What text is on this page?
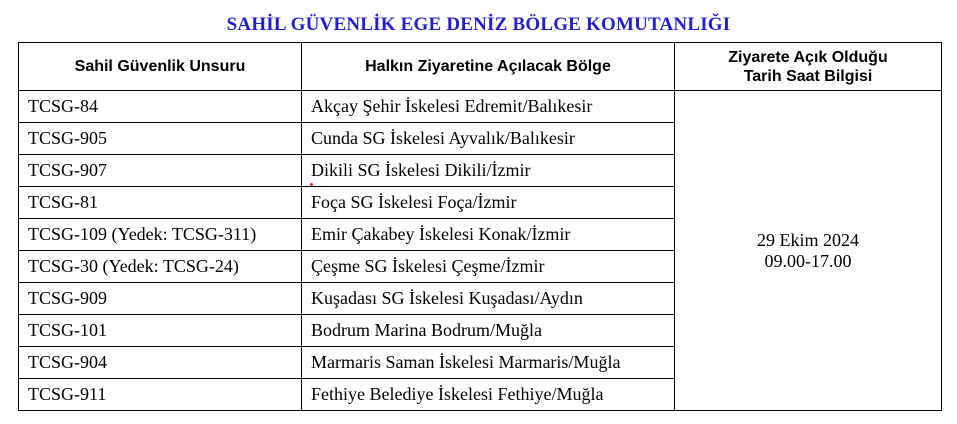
SAHİL GÜVENLİK EGE DENİZ BÖLGE KOMUTANLIĞI
Sahil Güvenlik Unsuru	Halkın Ziyaretine Açılacak Bölge	Ziyarete Açık Olduğu
Tarih Saat Bilgisi
TCSG-84	Akçay Şehir İskelesi Edremit/Balıkesir	29 Ekim 2024
09.00-17.00
TCSG-905	Cunda SG İskelesi Ayvalık/Balıkesir	
TCSG-907	Dikili SG İskelesi Dikili/İzmir	
TCSG-81	Foça SG İskelesi Foça/İzmir	
TCSG-109 (Yedek: TCSG-311)	Emir Çakabey İskelesi Konak/İzmir	
TCSG-30 (Yedek: TCSG-24)	Çeşme SG İskelesi Çeşme/İzmir	
TCSG-909	Kuşadası SG İskelesi Kuşadası/Aydın	
TCSG-101	Bodrum Marina Bodrum/Muğla	
TCSG-904	Marmaris Saman İskelesi Marmaris/Muğla	
TCSG-911	Fethiye Belediye İskelesi Fethiye/Muğla	
